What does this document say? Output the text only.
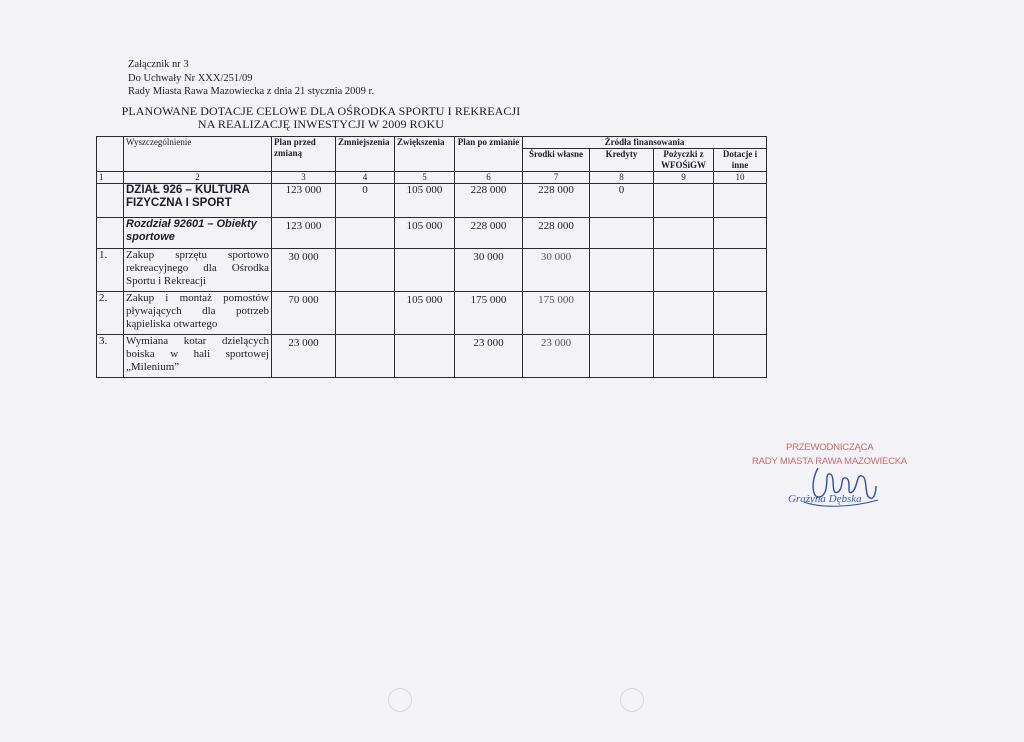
Załącznik nr 3
Do Uchwały Nr XXX/251/09
Rady Miasta Rawa Mazowiecka z dnia 21 stycznia 2009 r.
PLANOWANE DOTACJE CELOWE DLA OŚRODKA SPORTU I REKREACJI
NA REALIZACJĘ INWESTYCJI W 2009 ROKU
	Wyszczególnienie	Plan przed zmianą	Zmniejszenia	Zwiększenia	Plan po zmianie	Źródła finansowania			
						Środki własne	Kredyty	Pożyczki z WFOŚiGW	Dotacje i inne

1	2	3	4	5	6	7	8	9	10
	DZIAŁ 926 – KULTURA FIZYCZNA I SPORT	123 000	0	105 000	228 000	228 000	0		
	Rozdział 92601 – Obiekty sportowe	123 000		105 000	228 000	228 000			
1.	Zakup sprzętu sportowo rekreacyjnego dla Ośrodka Sportu i Rekreacji	30 000			30 000	30 000			
2.	Zakup i montaż pomostów pływających dla potrzeb kąpieliska otwartego	70 000		105 000	175 000	175 000			
3.	Wymiana kotar dzielących boiska w hali sportowej „Milenium”	23 000			23 000	23 000			
PRZEWODNICZĄCA
RADY MIASTA RAWA MAZOWIECKA
Grażyna Dębska
